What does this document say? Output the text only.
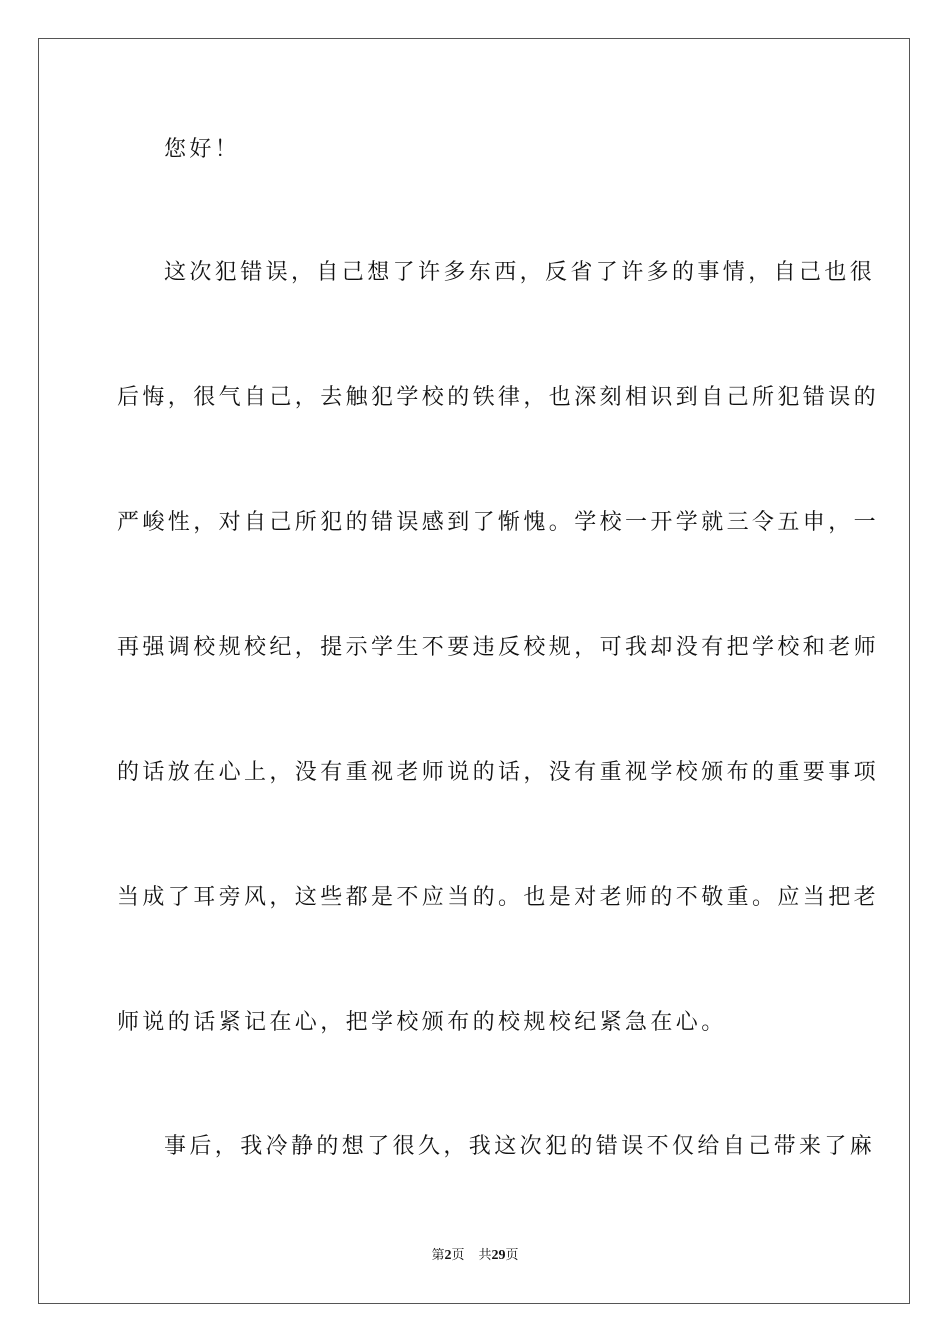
您好！
这次犯错误，自己想了许多东西，反省了许多的事情，自己也很
后悔，很气自己，去触犯学校的铁律，也深刻相识到自己所犯错误的
严峻性，对自己所犯的错误感到了惭愧。学校一开学就三令五申，一
再强调校规校纪，提示学生不要违反校规，可我却没有把学校和老师
的话放在心上，没有重视老师说的话，没有重视学校颁布的重要事项
当成了耳旁风，这些都是不应当的。也是对老师的不敬重。应当把老
师说的话紧记在心，把学校颁布的校规校纪紧急在心。
事后，我冷静的想了很久，我这次犯的错误不仅给自己带来了麻
第2页 共29页
